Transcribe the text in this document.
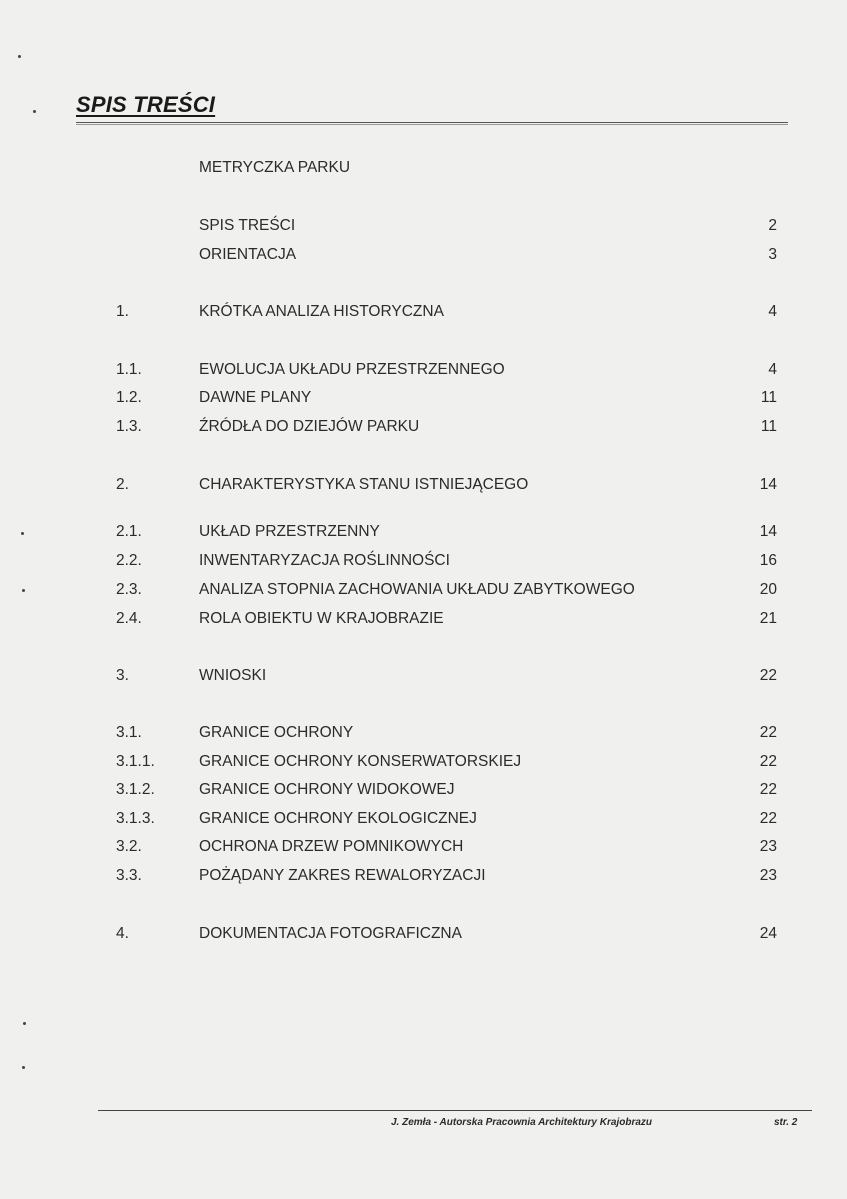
SPIS TREŚCI
METRYCZKA PARKU
SPIS TREŚCI	2
ORIENTACJA	3
1.	KRÓTKA ANALIZA HISTORYCZNA	4
1.1.	EWOLUCJA UKŁADU PRZESTRZENNEGO	4
1.2.	DAWNE PLANY	11
1.3.	ŹRÓDŁA DO DZIEJÓW PARKU	11
2.	CHARAKTERYSTYKA STANU ISTNIEJĄCEGO	14
2.1.	UKŁAD PRZESTRZENNY	14
2.2.	INWENTARYZACJA ROŚLINNOŚCI	16
2.3.	ANALIZA STOPNIA ZACHOWANIA UKŁADU ZABYTKOWEGO	20
2.4.	ROLA OBIEKTU W KRAJOBRAZIE	21
3.	WNIOSKI	22
3.1.	GRANICE OCHRONY	22
3.1.1.	GRANICE OCHRONY KONSERWATORSKIEJ	22
3.1.2.	GRANICE OCHRONY WIDOKOWEJ	22
3.1.3.	GRANICE OCHRONY EKOLOGICZNEJ	22
3.2.	OCHRONA DRZEW POMNIKOWYCH	23
3.3.	POŻĄDANY ZAKRES REWALORYZACJI	23
4.	DOKUMENTACJA FOTOGRAFICZNA	24
J. Zemła - Autorska Pracownia Architektury Krajobrazu	str. 2
